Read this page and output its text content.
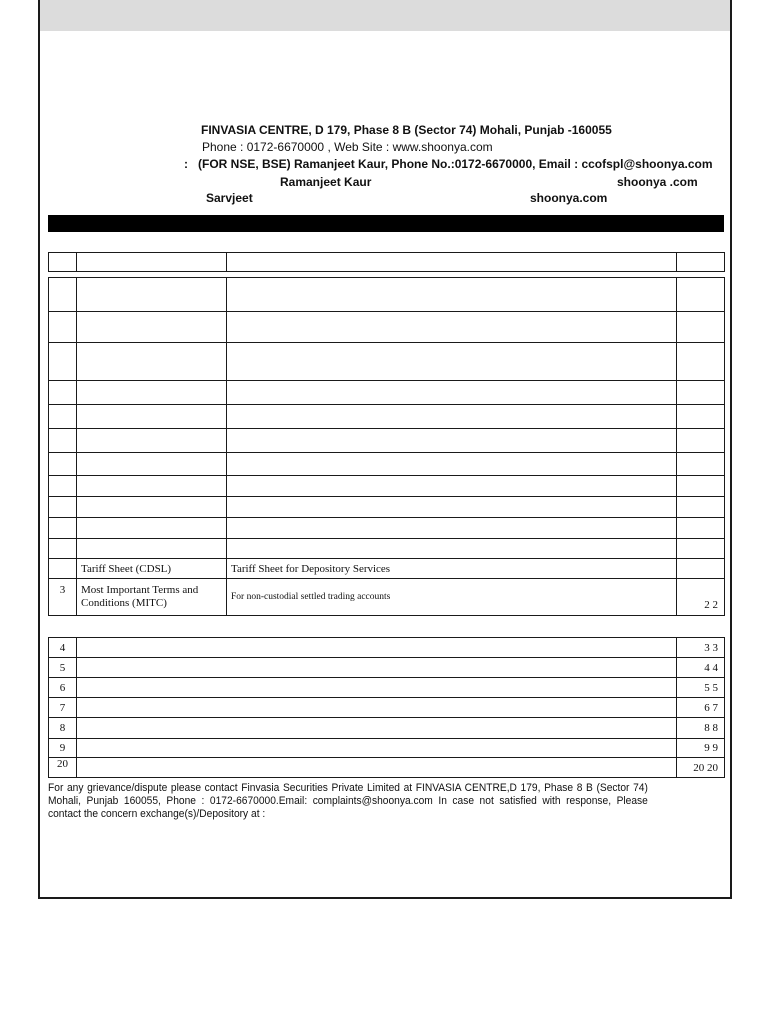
FINVASIA CENTRE, D 179, Phase 8 B (Sector 74) Mohali, Punjab -160055
Phone : 0172-6670000 , Web Site : www.shoonya.com
: (FOR NSE, BSE) Ramanjeet Kaur, Phone No.:0172-6670000, Email : ccofspl@shoonya.com
Ramanjeet Kaur	shoonya .com
Sarvjeet	shoonya.com

	Tariff Sheet (CDSL)	Tariff Sheet for Depository Services	
3	Most Important Terms and Conditions (MITC)	For non-custodial settled trading accounts	2 2
4		3 3
5		4 4
6		5 5
7		6 7
8		8 8
9		9 9
20		20 20
For any grievance/dispute please contact Finvasia Securities Private Limited at FINVASIA CENTRE,D 179, Phase 8 B (Sector 74) Mohali, Punjab 160055, Phone : 0172-6670000.Email: complaints@shoonya.com In case not satisfied with response, Please contact the concern exchange(s)/Depository at :
